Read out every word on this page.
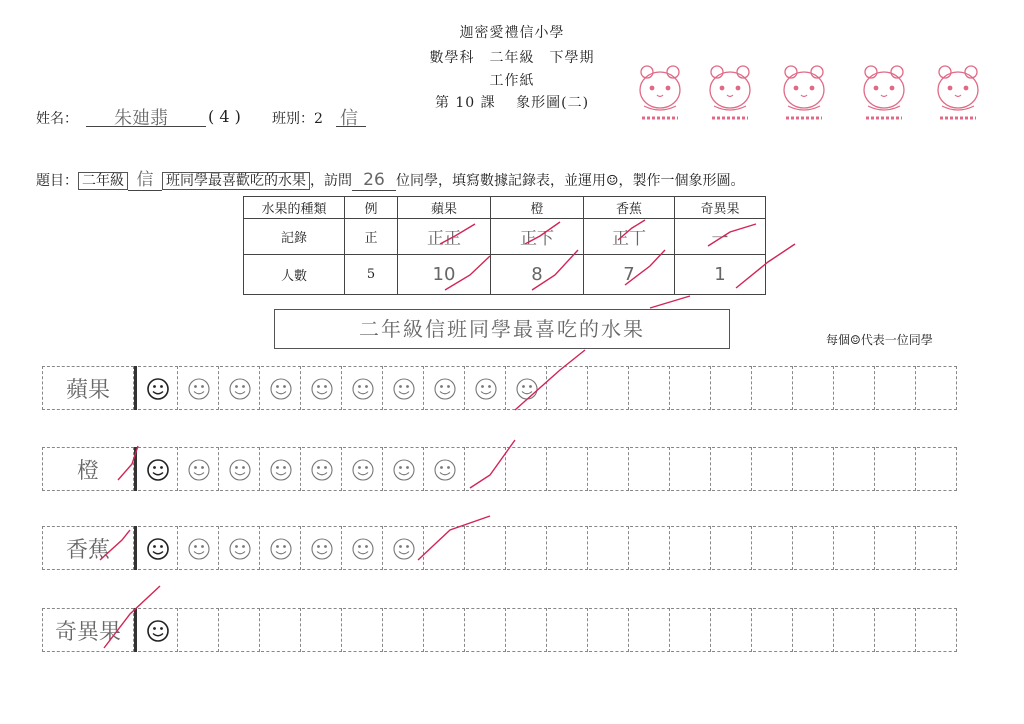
迦密愛禮信小學
數學科　二年級　下學期
工作紙
第 10 課　 象形圖(二)
姓名： 朱廸翡	( 4 ) 班別：2 信
題目： 二年級 信 班同學最喜歡吃的水果 ，訪問 26 位同學，填寫數據記錄表，並運用☺，製作一個象形圖。
水果的種類	例	蘋果	橙	香蕉	奇異果
記錄	正	正正	正下	正丅	一
人數	5	10	8	7	1
二年級信班同學最喜吃的水果	每個☺代表一位同學
蘋果
橙
香蕉
奇異果
